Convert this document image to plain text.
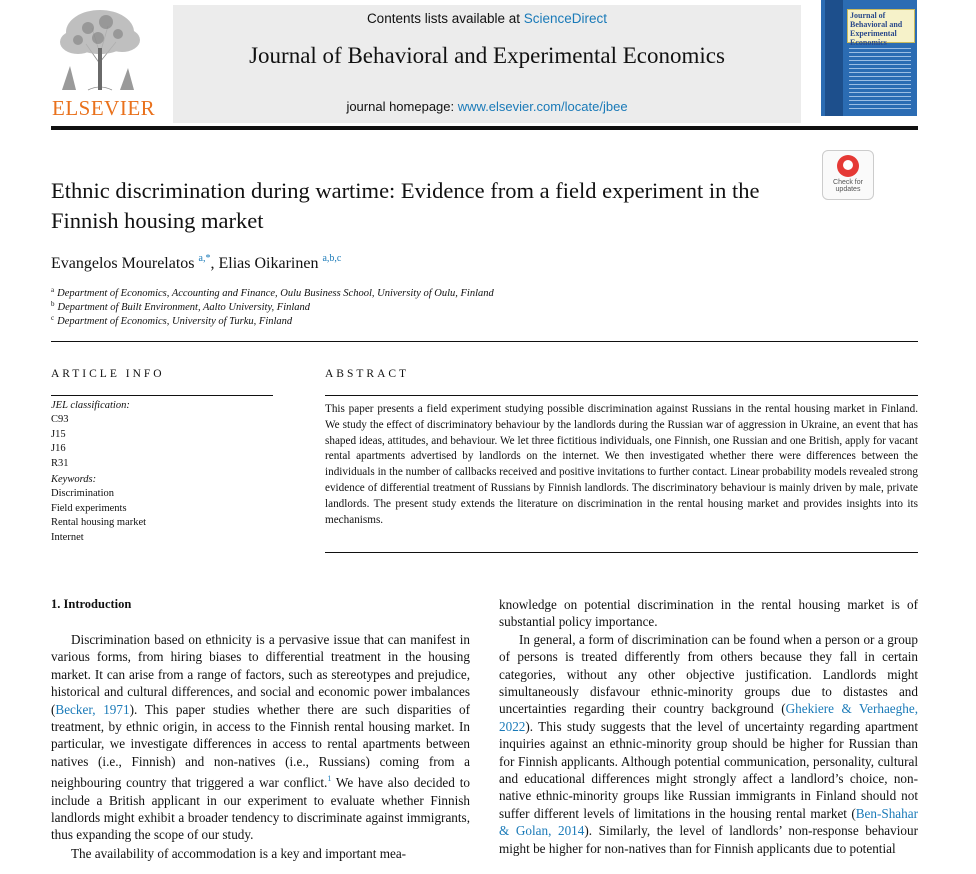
ELSEVIER
Contents lists available at ScienceDirect
Journal of Behavioral and Experimental Economics
journal homepage: www.elsevier.com/locate/jbee
Journal of Behavioral and Experimental Economics
Ethnic discrimination during wartime: Evidence from a field experiment in the Finnish housing market
Check for updates
Evangelos Mourelatos $^{a,*}$, Elias Oikarinen $^{a,b,c}$
$^a$ Department of Economics, Accounting and Finance, Oulu Business School, University of Oulu, Finland
$^b$ Department of Built Environment, Aalto University, Finland
$^c$ Department of Economics, University of Turku, Finland
ARTICLE INFO	ABSTRACT
JEL classification:
C93
J15
J16
R31
Keywords:
Discrimination
Field experiments
Rental housing market
Internet
This paper presents a field experiment studying possible discrimination against Russians in the rental housing market in Finland. We study the effect of discriminatory behaviour by the landlords during the Russian war of aggression in Ukraine, an event that has shaped ideas, attitudes, and behaviour. We let three fictitious individuals, one Finnish, one Russian and one British, apply for vacant rental apartments advertised by landlords on the internet. We then investigated whether there were differences between the individuals in the number of callbacks received and positive invitations to further contact. Linear probability models revealed strong evidence of differential treatment of Russians by Finnish landlords. The discriminatory behaviour is mainly driven by male, private landlords. The present study extends the literature on discrimination in the rental housing market and provides insights into its mechanisms.
1. Introduction

Discrimination based on ethnicity is a pervasive issue that can manifest in various forms, from hiring biases to differential treatment in the housing market. It can arise from a range of factors, such as stereotypes and prejudice, historical and cultural differences, and social and economic power imbalances (Becker, 1971). This paper studies whether there are such disparities of treatment, by ethnic origin, in access to the Finnish rental housing market. In particular, we investigate differences in access to rental apartments between natives (i.e., Finnish) and non-natives (i.e., Russians) coming from a neighbouring country that triggered a war conflict.$^1$ We have also decided to include a British applicant in our experiment to evaluate whether Finnish landlords might exhibit a broader tendency to discriminate against immigrants, thus expanding the scope of our study.

The availability of accommodation is a key and important mea-

knowledge on potential discrimination in the rental housing market is of substantial policy importance.

In general, a form of discrimination can be found when a person or a group of persons is treated differently from others because they fall in certain categories, without any other objective justification. Landlords might simultaneously disfavour ethnic-minority groups due to distastes and uncertainties regarding their country background (Ghekiere & Verhaeghe, 2022). This study suggests that the level of uncertainty regarding apartment inquiries against an ethnic-minority group should be higher for Russian than for Finnish applicants. Although potential communication, personality, cultural and educational differences might strongly affect a landlord’s choice, non-native ethnic-minority groups like Russian immigrants in Finland should not suffer different levels of limitations in the housing rental market (Ben-Shahar & Golan, 2014). Similarly, the level of landlords’ non-response behaviour might be higher for non-natives than for Finnish applicants due to potential
